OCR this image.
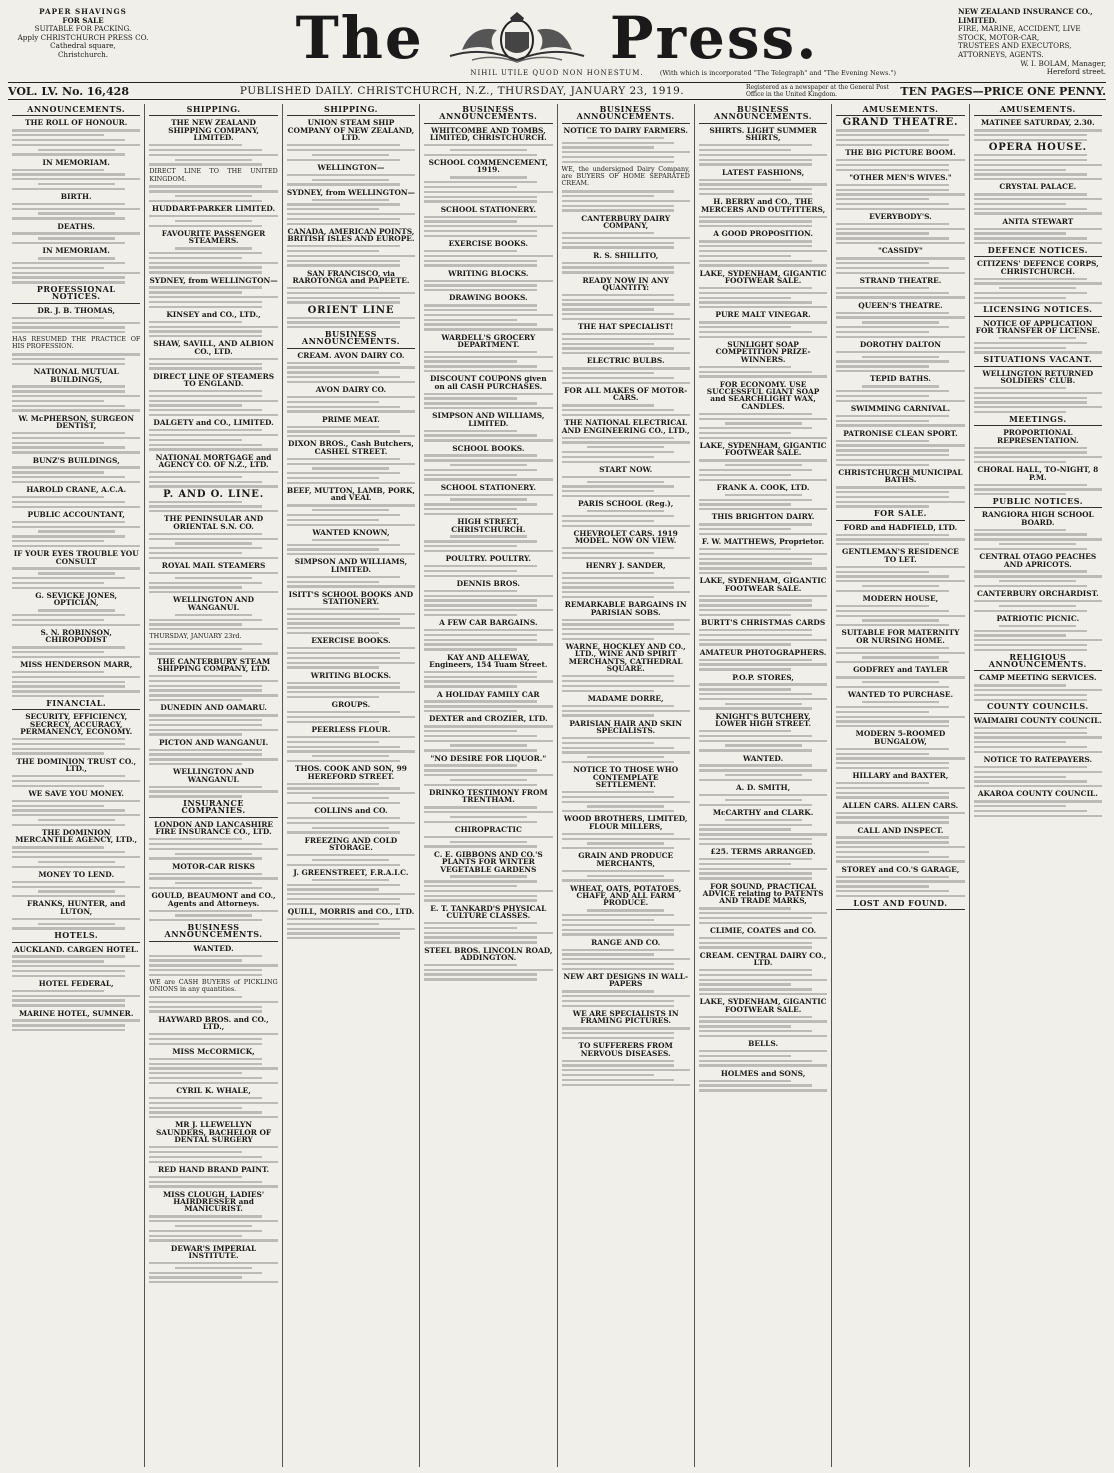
PAPER SHAVINGS
FOR SALE
SUITABLE FOR PACKING.
Apply CHRISTCHURCH PRESS CO.
Cathedral square,
Christchurch.	The	Press.	NEW ZEALAND INSURANCE CO., LIMITED.
FIRE, MARINE, ACCIDENT, LIVE STOCK, MOTOR-CAR,
TRUSTEES AND EXECUTORS,
ATTORNEYS, AGENTS.
W. I. BOLAM, Manager,
Hereford street.
NIHIL UTILE QUOD NON HONESTUM.	(With which is incorporated "The Telegraph" and "The Evening News.")
VOL. LV. No. 16,428	PUBLISHED DAILY. CHRISTCHURCH, N.Z., THURSDAY, JANUARY 23, 1919.	Registered as a newspaper at the General Post Office in the United Kingdom.	TEN PAGES—PRICE ONE PENNY.
ANNOUNCEMENTS.
THE ROLL OF HONOUR.
IN MEMORIAM.
BIRTH.
DEATHS.
IN MEMORIAM.
PROFESSIONAL NOTICES.
DR. J. B. THOMAS,
HAS RESUMED THE PRACTICE OF HIS PROFESSION.
NATIONAL MUTUAL BUILDINGS,
W. McPHERSON, SURGEON DENTIST,
BUNZ'S BUILDINGS,
HAROLD CRANE, A.C.A.
PUBLIC ACCOUNTANT,
IF YOUR EYES TROUBLE YOU CONSULT
G. SEVICKE JONES, OPTICIAN,
S. N. ROBINSON, CHIROPODIST
MISS HENDERSON MARR,
FINANCIAL.
SECURITY, EFFICIENCY, SECRECY, ACCURACY, PERMANENCY, ECONOMY.
THE DOMINION TRUST CO., LTD.,
WE SAVE YOU MONEY.
THE DOMINION MERCANTILE AGENCY, LTD.,
MONEY TO LEND.
FRANKS, HUNTER, and LUTON,
HOTELS.
AUCKLAND. CARGEN HOTEL.
HOTEL FEDERAL,
MARINE HOTEL, SUMNER.
SHIPPING.
THE NEW ZEALAND SHIPPING COMPANY, LIMITED.
DIRECT LINE TO THE UNITED KINGDOM.
HUDDART-PARKER LIMITED.
FAVOURITE PASSENGER STEAMERS.
SYDNEY, from WELLINGTON—
KINSEY and CO., LTD.,
SHAW, SAVILL, AND ALBION CO., LTD.
DIRECT LINE OF STEAMERS TO ENGLAND.
DALGETY and CO., LIMITED.
NATIONAL MORTGAGE and AGENCY CO. OF N.Z., LTD.
P. AND O. LINE.
THE PENINSULAR AND ORIENTAL S.N. CO.
ROYAL MAIL STEAMERS
WELLINGTON AND WANGANUI.
THURSDAY, JANUARY 23rd.
THE CANTERBURY STEAM SHIPPING COMPANY, LTD.
DUNEDIN AND OAMARU.
PICTON AND WANGANUI.
WELLINGTON AND WANGANUI.
INSURANCE COMPANIES.
LONDON AND LANCASHIRE FIRE INSURANCE CO., LTD.
MOTOR-CAR RISKS
GOULD, BEAUMONT and CO., Agents and Attorneys.
BUSINESS ANNOUNCEMENTS.
WANTED.
WE are CASH BUYERS of PICKLING ONIONS in any quantities.
HAYWARD BROS. and CO., LTD.,
MISS McCORMICK,
CYRIL K. WHALE,
MR J. LLEWELLYN SAUNDERS, BACHELOR OF DENTAL SURGERY
RED HAND BRAND PAINT.
MISS CLOUGH, LADIES' HAIRDRESSER and MANICURIST.
DEWAR'S IMPERIAL INSTITUTE.
SHIPPING.
UNION STEAM SHIP COMPANY OF NEW ZEALAND, LTD.
WELLINGTON—
SYDNEY, from WELLINGTON—
CANADA, AMERICAN POINTS, BRITISH ISLES AND EUROPE.
SAN FRANCISCO, via RAROTONGA and PAPEETE.
ORIENT LINE
BUSINESS ANNOUNCEMENTS.
CREAM. AVON DAIRY CO.
AVON DAIRY CO.
PRIME MEAT.
DIXON BROS., Cash Butchers, CASHEL STREET.
BEEF, MUTTON, LAMB, PORK, and VEAL
WANTED KNOWN,
SIMPSON AND WILLIAMS, LIMITED.
ISITT'S SCHOOL BOOKS AND STATIONERY.
EXERCISE BOOKS.
WRITING BLOCKS.
GROUPS.
PEERLESS FLOUR.
THOS. COOK AND SON, 99 HEREFORD STREET.
COLLINS and CO.
FREEZING AND COLD STORAGE.
J. GREENSTREET, F.R.A.I.C.
QUILL, MORRIS and CO., LTD.
BUSINESS ANNOUNCEMENTS.
WHITCOMBE AND TOMBS, LIMITED, CHRISTCHURCH.
SCHOOL COMMENCEMENT, 1919.
SCHOOL STATIONERY.
EXERCISE BOOKS.
WRITING BLOCKS.
DRAWING BOOKS.
WARDELL'S GROCERY DEPARTMENT.
DISCOUNT COUPONS given on all CASH PURCHASES.
SIMPSON AND WILLIAMS, LIMITED.
SCHOOL BOOKS.
SCHOOL STATIONERY.
HIGH STREET, CHRISTCHURCH.
POULTRY. POULTRY.
DENNIS BROS.
A FEW CAR BARGAINS.
KAY AND ALLEWAY, Engineers, 154 Tuam Street.
A HOLIDAY FAMILY CAR
DEXTER and CROZIER, LTD.
"NO DESIRE FOR LIQUOR."
DRINKO TESTIMONY FROM TRENTHAM.
CHIROPRACTIC
C. E. GIBBONS AND CO.'S PLANTS FOR WINTER VEGETABLE GARDENS
E. T. TANKARD'S PHYSICAL CULTURE CLASSES.
STEEL BROS. LINCOLN ROAD, ADDINGTON.
BUSINESS ANNOUNCEMENTS.
NOTICE TO DAIRY FARMERS.
WE, the undersigned Dairy Company, are BUYERS OF HOME SEPARATED CREAM.
CANTERBURY DAIRY COMPANY,
R. S. SHILLITO,
READY NOW IN ANY QUANTITY:
THE HAT SPECIALIST!
ELECTRIC BULBS.
FOR ALL MAKES OF MOTOR-CARS.
THE NATIONAL ELECTRICAL AND ENGINEERING CO., LTD.,
START NOW.
PARIS SCHOOL (Reg.),
CHEVROLET CARS. 1919 MODEL. NOW ON VIEW.
HENRY J. SANDER,
REMARKABLE BARGAINS IN PARISIAN SOBS.
WARNE, HOCKLEY AND CO., LTD., WINE AND SPIRIT MERCHANTS, CATHEDRAL SQUARE.
MADAME DORRE,
PARISIAN HAIR AND SKIN SPECIALISTS.
NOTICE TO THOSE WHO CONTEMPLATE SETTLEMENT.
WOOD BROTHERS, LIMITED, FLOUR MILLERS,
GRAIN AND PRODUCE MERCHANTS,
WHEAT, OATS, POTATOES, CHAFF, AND ALL FARM PRODUCE.
RANGE AND CO.
NEW ART DESIGNS IN WALL-PAPERS
WE ARE SPECIALISTS IN FRAMING PICTURES.
TO SUFFERERS FROM NERVOUS DISEASES.
BUSINESS ANNOUNCEMENTS.
SHIRTS. LIGHT SUMMER SHIRTS,
LATEST FASHIONS,
H. BERRY and CO., THE MERCERS AND OUTFITTERS,
A GOOD PROPOSITION.
LAKE, SYDENHAM, GIGANTIC FOOTWEAR SALE.
PURE MALT VINEGAR.
SUNLIGHT SOAP COMPETITION PRIZE-WINNERS.
FOR ECONOMY. USE SUCCESSFUL GIANT SOAP and SEARCHLIGHT WAX, CANDLES.
LAKE, SYDENHAM, GIGANTIC FOOTWEAR SALE.
FRANK A. COOK, LTD.
THIS BRIGHTON DAIRY.
F. W. MATTHEWS, Proprietor.
LAKE, SYDENHAM, GIGANTIC FOOTWEAR SALE.
BURTT'S CHRISTMAS CARDS
AMATEUR PHOTOGRAPHERS.
P.O.P. STORES,
KNIGHT'S BUTCHERY, LOWER HIGH STREET.
WANTED.
A. D. SMITH,
McCARTHY and CLARK.
£25. TERMS ARRANGED.
FOR SOUND, PRACTICAL ADVICE relating to PATENTS AND TRADE MARKS,
CLIMIE, COATES and CO.
CREAM. CENTRAL DAIRY CO., LTD.
LAKE, SYDENHAM, GIGANTIC FOOTWEAR SALE.
BELLS.
HOLMES and SONS,
AMUSEMENTS.
GRAND THEATRE.
THE BIG PICTURE BOOM.
"OTHER MEN'S WIVES."
EVERYBODY'S.
"CASSIDY"
STRAND THEATRE.
QUEEN'S THEATRE.
DOROTHY DALTON
TEPID BATHS.
SWIMMING CARNIVAL.
PATRONISE CLEAN SPORT.
CHRISTCHURCH MUNICIPAL BATHS.
FOR SALE.
FORD and HADFIELD, LTD.
GENTLEMAN'S RESIDENCE TO LET.
MODERN HOUSE,
SUITABLE FOR MATERNITY OR NURSING HOME.
GODFREY and TAYLER
WANTED TO PURCHASE.
MODERN 5-ROOMED BUNGALOW,
HILLARY and BAXTER,
ALLEN CARS. ALLEN CARS.
CALL AND INSPECT.
STOREY and CO.'S GARAGE,
LOST AND FOUND.
AMUSEMENTS.
MATINEE SATURDAY, 2.30.
OPERA HOUSE.
CRYSTAL PALACE.
ANITA STEWART
DEFENCE NOTICES.
CITIZENS' DEFENCE CORPS, CHRISTCHURCH.
LICENSING NOTICES.
NOTICE OF APPLICATION FOR TRANSFER OF LICENSE.
SITUATIONS VACANT.
WELLINGTON RETURNED SOLDIERS' CLUB.
MEETINGS.
PROPORTIONAL REPRESENTATION.
CHORAL HALL, TO-NIGHT, 8 P.M.
PUBLIC NOTICES.
RANGIORA HIGH SCHOOL BOARD.
CENTRAL OTAGO PEACHES AND APRICOTS.
CANTERBURY ORCHARDIST.
PATRIOTIC PICNIC.
RELIGIOUS ANNOUNCEMENTS.
CAMP MEETING SERVICES.
COUNTY COUNCILS.
WAIMAIRI COUNTY COUNCIL.
NOTICE TO RATEPAYERS.
AKAROA COUNTY COUNCIL.
